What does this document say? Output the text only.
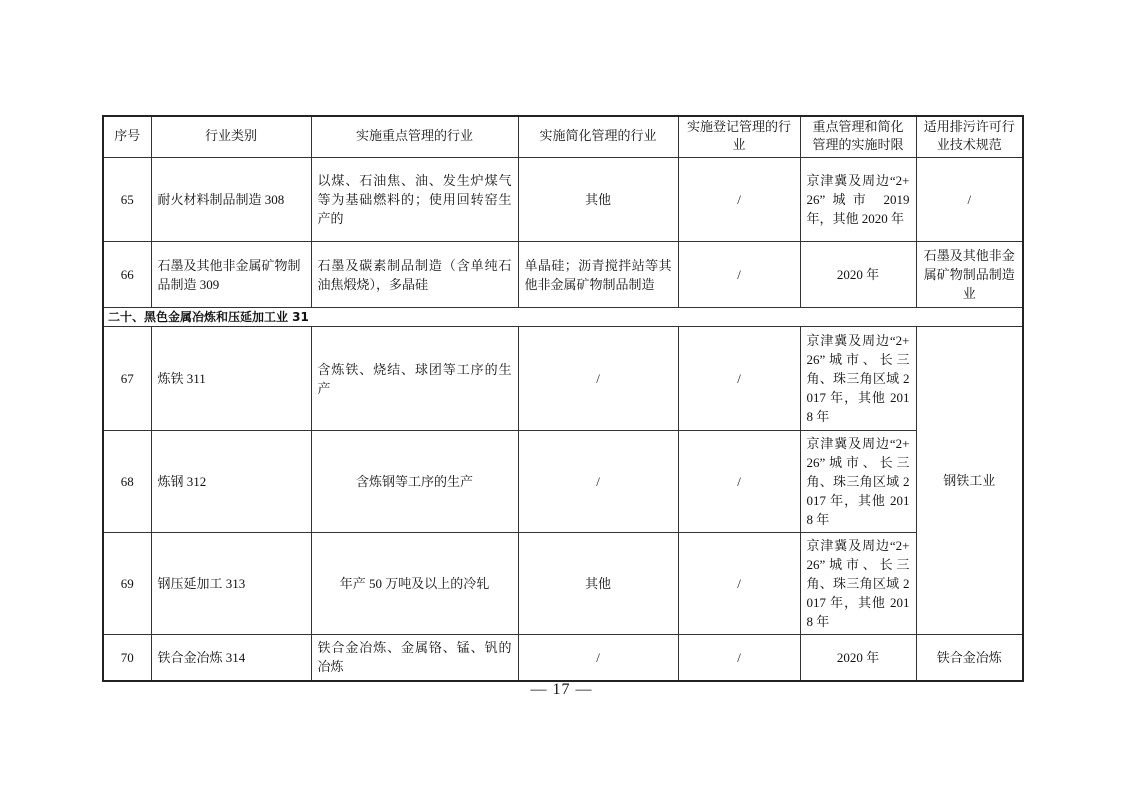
序号	行业类别	实施重点管理的行业	实施简化管理的行业	实施登记管理的行　　业	重点管理和简化管理的实施时限	适用排污许可行业技术规范
65	耐火材料制品制造 308	以煤、石油焦、油、发生炉煤气等为基础燃料的；使用回转窑生产的	其他	/	京津冀及周边“2+26”城市 2019 年，其他 2020 年	/
66	石墨及其他非金属矿物制品制造 309	石墨及碳素制品制造（含单纯石油焦煅烧），多晶硅	单晶硅；沥青搅拌站等其他非金属矿物制品制造	/	2020 年	石墨及其他非金属矿物制品制造业
二十、黑色金属冶炼和压延加工业 31						
67	炼铁 311	含炼铁、烧结、球团等工序的生产	/	/	京津冀及周边“2+26”城市、长三角、珠三角区域 2017 年，其他 2018 年	钢铁工业
68	炼钢 312	含炼钢等工序的生产	/	/	京津冀及周边“2+26”城市、长三角、珠三角区域 2017 年，其他 2018 年	
69	钢压延加工 313	年产 50 万吨及以上的冷轧	其他	/	京津冀及周边“2+26”城市、长三角、珠三角区域 2017 年，其他 2018 年	
70	铁合金冶炼 314	铁合金冶炼、金属铬、锰、钒的冶炼	/	/	2020 年	铁合金冶炼
— 17 —
